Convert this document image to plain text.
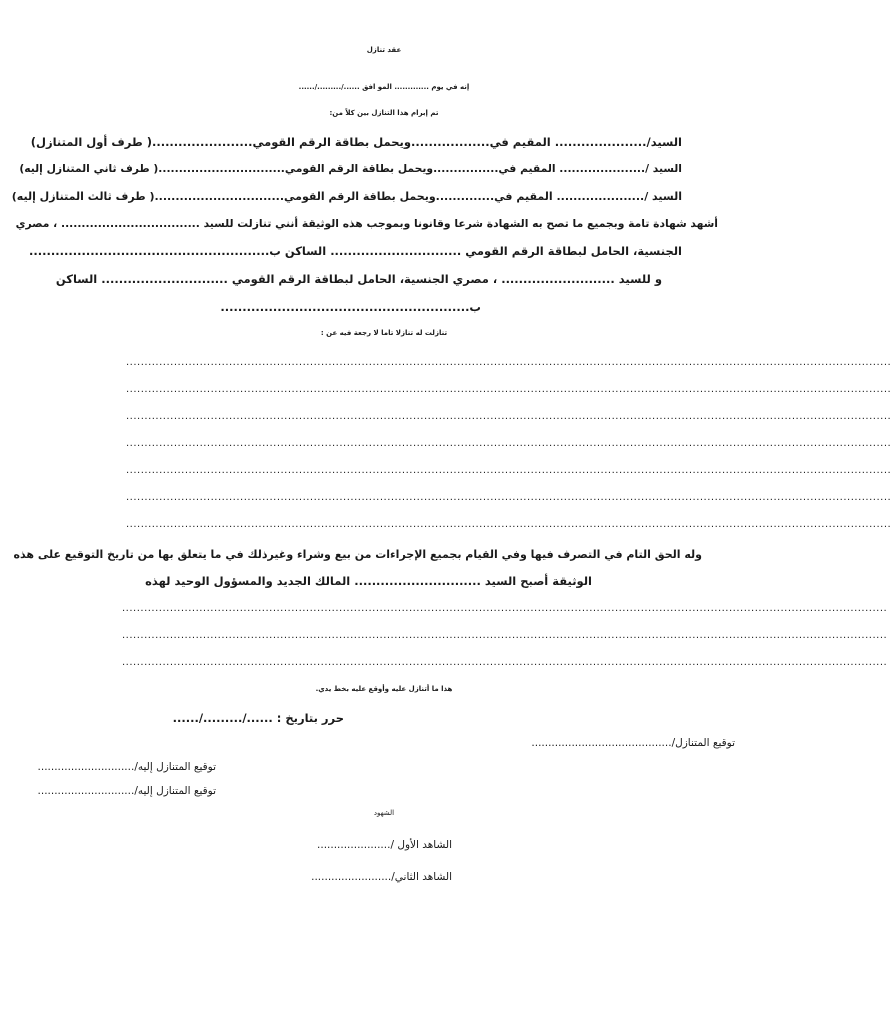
عقد تنازل
إنه في يوم ............. المو افق ....../........./......
تم إبرام هذا التنازل بين كلاً من:
السيد/..................... المقيم في..................ويحمل بطاقة الرقم القومي.......................( طرف أول المتنازل)
السيد /..................... المقيم في................ويحمل بطاقة الرقم القومي...............................( طرف ثاني المتنازل إليه)
السيد /..................... المقيم في..............ويحمل بطاقة الرقم القومي...............................( طرف ثالث المتنازل إليه)
أشهد شهادة تامة وبجميع ما تصح به الشهادة شرعا وقانونا وبموجب هذه الوثيقة أنني تنازلت للسيد .................................. ، مصري
الجنسية، الحامل لبطاقة الرقم القومي .............................. الساكن ب.......................................................
و للسيد .......................... ، مصري الجنسية، الحامل لبطاقة الرقم القومي ............................. الساكن
ب.........................................................
تنازلت له تنازلا تاما لا رجعة فيه عن :
................................................................................................................................................................................................................
................................................................................................................................................................................................................
................................................................................................................................................................................................................
................................................................................................................................................................................................................
................................................................................................................................................................................................................
................................................................................................................................................................................................................
................................................................................................................................................................................................................
وله الحق التام في التصرف فيها وفي القيام بجميع الإجراءات من بيع وشراء وغيرذلك في ما يتعلق بها من تاريخ التوقيع على هذه
الوثيقة أصبح السيد ............................. المالك الجديد والمسؤول الوحيد لهذه
................................................................................................................................................................................................................
................................................................................................................................................................................................................
................................................................................................................................................................................................................
هذا ما أتنازل عليه وأوقع عليه بخط يدي.
حرر بتاريخ : ....../........./......
توقيع المتنازل/..........................................
توقيع المتنازل إليه/.............................
توقيع المتنازل إليه/.............................
الشهود
الشاهد الأول /......................
الشاهد الثاني/........................
